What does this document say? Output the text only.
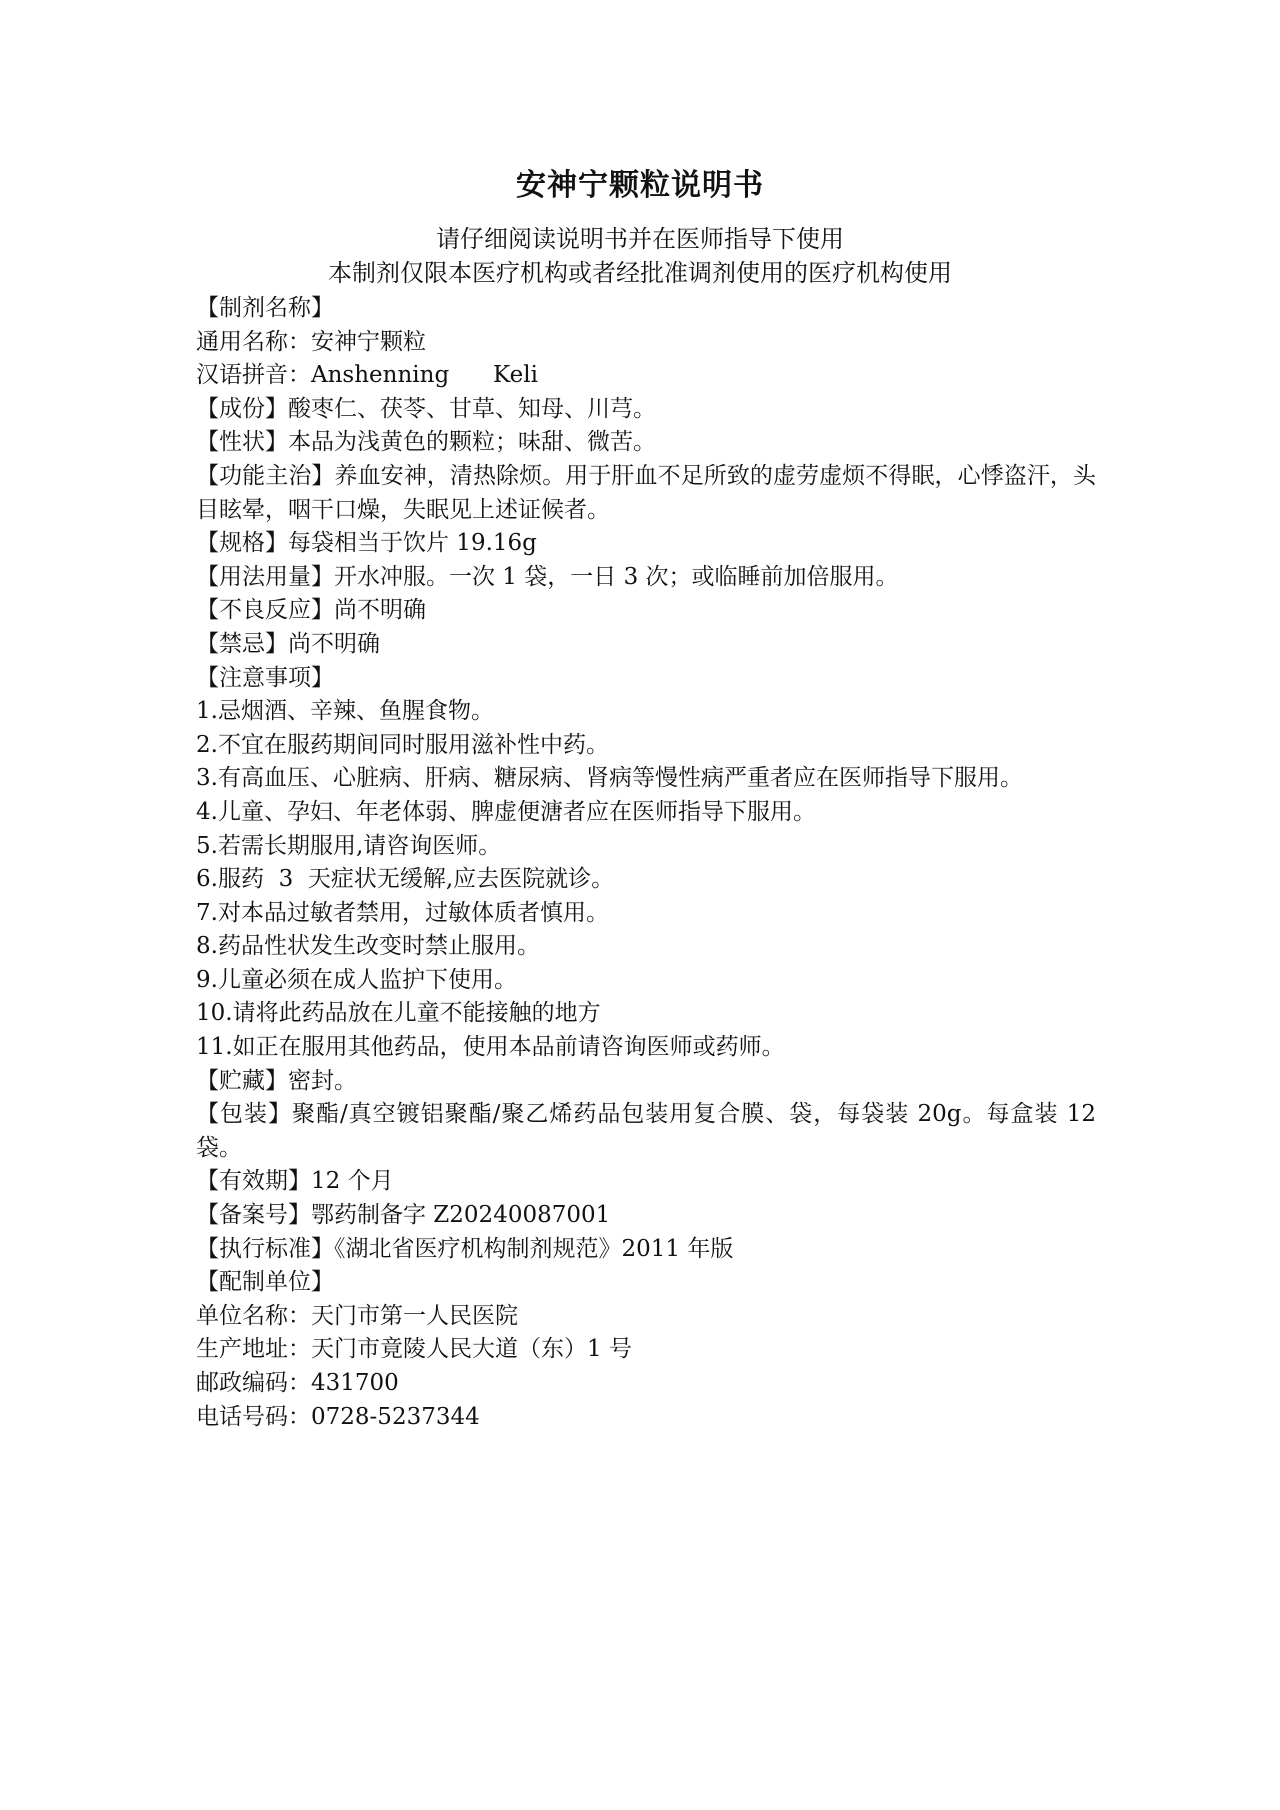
安神宁颗粒说明书
请仔细阅读说明书并在医师指导下使用
本制剂仅限本医疗机构或者经批准调剂使用的医疗机构使用

【制剂名称】

通用名称：安神宁颗粒

汉语拼音：Anshenning      Keli

【成份】酸枣仁、茯苓、甘草、知母、川芎。

【性状】本品为浅黄色的颗粒；味甜、微苦。

【功能主治】养血安神，清热除烦。用于肝血不足所致的虚劳虚烦不得眠，心悸盗汗，头目眩晕，咽干口燥，失眠见上述证候者。

【规格】每袋相当于饮片 19.16g

【用法用量】开水冲服。一次 1 袋，一日 3 次；或临睡前加倍服用。

【不良反应】尚不明确

【禁忌】尚不明确

【注意事项】

1.忌烟酒、辛辣、鱼腥食物。

2.不宜在服药期间同时服用滋补性中药。

3.有高血压、心脏病、肝病、糖尿病、肾病等慢性病严重者应在医师指导下服用。

4.儿童、孕妇、年老体弱、脾虚便溏者应在医师指导下服用。

5.若需长期服用,请咨询医师。

6.服药  3  天症状无缓解,应去医院就诊。

7.对本品过敏者禁用，过敏体质者慎用。

8.药品性状发生改变时禁止服用。

9.儿童必须在成人监护下使用。

10.请将此药品放在儿童不能接触的地方

11.如正在服用其他药品，使用本品前请咨询医师或药师。

【贮藏】密封。

【包装】聚酯/真空镀铝聚酯/聚乙烯药品包装用复合膜、袋，每袋装 20g。每盒装 12 袋。

【有效期】12 个月

【备案号】鄂药制备字 Z20240087001

【执行标准】《湖北省医疗机构制剂规范》2011 年版

【配制单位】

单位名称：天门市第一人民医院

生产地址：天门市竟陵人民大道（东）1 号

邮政编码：431700

电话号码：0728-5237344
